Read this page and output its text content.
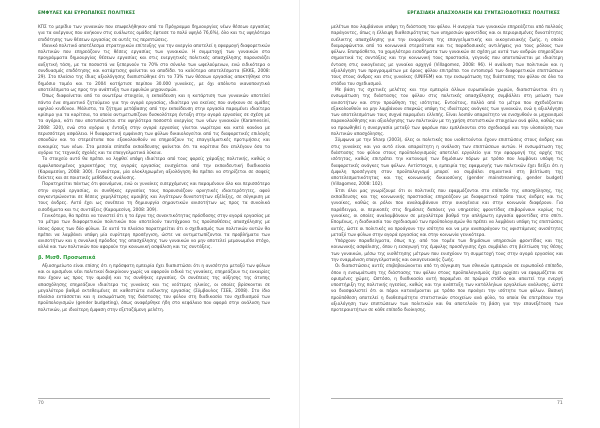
ΕΜΦΥΛΕΣ ΚΑΙ ΕΥΡΩΠΑΪΚΕΣ ΠΟΛΙΤΙΚΕΣ	ΕΡΓΑΣΙΑΚΗ ΑΠΑΣΧΟΛΗΣΗ ΚΑΙ ΣΥΝΤΑΞΙΟΔΟΤΙΚΕΣ ΠΟΛΙΤΙΚΕΣ

ΚΠΣ το μερίδιο των γυναικών που επωφελήθηκαν από το Πρόγραμμα δημιουργίας νέων θέσεων εργασίας για τα ανέργους που ανήκουν στις ευάλωτες ομάδες έφτασε το πολύ υψηλό 76,6%), όλο και τις υψηλότερα επιδότησης των θέσεων εργασίας σε αυτές τις περιπτώσεις.

Ιδανικό πολιτικό αποτέλεσμα στρατηγικών επίτευξης για την ανεργία αποτελεί η εφαρμογή διαφορετικών πολιτικών που επηρεάζουν τις θέσεις εργασίας των γυναικών. Η συμμετοχή των γυναικών στα προγράμματα δημιουργίας θέσεων εργασίας και στις ενεργητικές πολιτικές απασχόλησης παρουσιάζει αυξητική τάση, με τα ποσοστά να ξεπερνούν το 70% στο σύνολο των ωφελούμενων, ενώ ειδικότερα ο συνδυασμός επιδότησης και κατάρτισης φαίνεται να αποδίδει τα καλύτερα αποτελέσματα (ΕΚΚΕ, 2008: 29). Στο πλαίσιο της ίδιας αξιολόγησης διαπιστώθηκε ότι το 73% των θέσεων εργασίας αποκτήθηκε στο δημόσιο τομέα και το 2004 κατήρτισε περίπου 30.000 γυναίκες, με όχι απόλυτα ικανοποιητικά αποτελέσματα ως προς την ανάπτυξη των εμφυλών μηχανισμών.

Όπως διαφαίνεται από τα ανωτέρω στοιχεία, η εκπαίδευση και η κατάρτιση των γυναικών αποτελεί πάντα ένα σημαντικό ζητούμενο για την αγορά εργασίας, ιδιαίτερα για εκείνες που ανήκουν σε ομάδες υψηλού κινδύνου. Μάλιστα, το ζήτημα μετάβασης από την εκπαίδευση στην εργασία παραμένει ιδιαίτερα κρίσιμο για τα κορίτσια, τα οποία αντιμετωπίζουν δυσκολότερη ένταξη στην αγορά εργασίας σε σχέση με τα αγόρια, κάτι που αποτυπώνεται στα υψηλότερα ποσοστά ανεργίας των νέων γυναικών (Karamessini, 2008: 320), ενώ στα αγόρια η ένταξη στην αγορά εργασίας γίνεται νωρίτερα και κατά κανόνα με περισσότερη ασφάλεια. Η διαφορετική εμφάνιση των φύλων δικαιολογείται από τις διαφορετικές επιλογές σπουδών και τα στερεότυπα που εξακολουθούν να επηρεάζουν τις επαγγελματικές προτιμήσεις και ευκαιρίες των νέων. Στα μεσαία επίπεδα εκπαίδευσης φαίνεται ότι τα κορίτσια δεν επιλέγουν όσο τα αγόρια τις τεχνικές σχολές και τα επαγγελματικά λύκεια.

Το στοιχείο αυτό θα πρέπει να ληφθεί υπόψη ιδιαίτερα από τους φορείς χάραξης πολιτικής, καθώς ο εμφυλοποιημένος χαρακτήρας της αγοράς εργασίας ενισχύεται από την εκπαιδευτική διαδικασία (Καραμεσίνη, 2008: 300). Γενικότερα, μία ολοκληρωμένη αξιολόγηση θα πρέπει να στηρίζεται σε σαφείς δείκτες και σε ποιοτικές μεθόδους ανάλυσης.

Παρατηρείται πάντως ότι φαινόμενα, ενώ οι γυναίκες εισερχόμενες και παραμένουν όλο και περισσότερο στην αγορά εργασίας, οι συνθήκες εργασίας τους παρουσιάζουν αρνητικές ιδιαιτερότητες, αφού συγκεντρώνονται σε θέσεις χαμηλότερης αμοιβής και λιγότερων δυνατοτήτων εξέλιξης, σε σύγκριση με τους άνδρες. Αυτό έχει ως συνέπεια τη δημιουργία σημαντικών ανισοτήτων ως προς τα συνολικά εισοδήματα και τις συντάξεις (Καραμεσίνη, 2008: 309).

Γενικότερα, θα πρέπει να τονιστεί ότι η τα έργα της συνεκτικότητας πρόσδοσης στην αγορά εργασίας με τα μέτρα των διαφορετικών πολιτικών που αποτελούν ταυτόχρονα τις προϋποθέσεις απασχόλησης με ίσους όρους των δύο φύλων. Σε αυτό το πλαίσιο παρατηρείται ότι ο σχεδιασμός των πολιτικών αυτών θα πρέπει να λαμβάνει υπόψη μία ευρύτερη προσέγγιση, ώστε να αντιμετωπίζονται τα προβλήματα των ανισοτήτων και η συνολική πρόοδος της απασχόλησης των γυναικών να μην αποτελεί μεμονωμένο στόχο, αλλά και των πολιτικών που αφορούν την κοινωνική ασφάλιση και τις συντάξεις.

β. Μισθ. Προσωπικά

Αξιοσημείωτο είναι επίσης ότι η πρόσφατη εμπειρία έχει διαπιστώσει ότι η ανισότητα μεταξύ των φύλων και οι ορισμένοι νέοι πολιτικοί διακρίνουν χωρίς να αφορούν ειδικά τις γυναίκες, επηρεάζουν τις ευκαιρίες που έχουν ως προς την αμοιβή και τις συνθήκες εργασίας. Οι συνέπειες της αύξησης της άτυπης απασχόλησης επηρεάζουν ιδιαίτερα τις γυναίκες και τις νεότερες ηλικίες, οι οποίες βρίσκονται σε μεγαλύτερο βαθμό εκτεθειμένες σε καθεστώτα ευέλικτης εργασίας (Σύμβουλος ΓΣΕΕ, 2008). Στο ίδιο πλαίσιο εντάσσεται και η ενσωμάτωση της διάστασης του φύλου στη διαδικασία του σχεδιασμού των προϋπολογισμών (gender budgeting), όπως αναφέρθηκε ήδη στο κεφάλαιο που αφορά στην ανάλυση των πολιτικών, με ιδιαίτερη έμφαση στην εξεταζόμενη μελέτη.

μελέτων που λαμβάνουν υπόψη τη διάσταση του φύλου. Η ανεργία των γυναικών επηρεάζεται από πολλούς παράγοντες, όπως η έλλειψη διαθεσιμότητας των υπηρεσιών φροντίδας και οι περιορισμένες δυνατότητες ευέλικτης απασχόλησης για την εναρμόνιση της επαγγελματικής και οικογενειακής ζωής, η οποία διαμορφώνεται από τα κοινωνικά στερεότυπα και τις παραδοσιακές αντιλήψεις για τους ρόλους των φύλων. Επιπρόσθετα, τα χαμηλότερα εισοδήματα των γυναικών σε σχέση με αυτά των ανδρών επηρεάζουν σημαντικά τις συντάξεις και την κοινωνική τους προστασία, γεγονός που αποτυπώνεται με ιδιαίτερη ένταση στις οικογένειες με γυναίκα αρχηγό (Villagomez, 2008: 96). Η ανάλυση των πολιτικών και η αξιολόγηση των προγραμμάτων με όρους φύλου επιτρέπει τον εντοπισμό των διαφορετικών επιπτώσεων τους στους άνδρες και στις γυναίκες (UNIFEM) και την ενσωμάτωση της διάστασης του φύλου σε όλα τα στάδια του σχεδιασμού.

Με βάση τις σχετικές μελέτες και την εμπειρία άλλων ευρωπαϊκών χωρών, διαπιστώνεται ότι η ενσωμάτωση της διάστασης του φύλου στις πολιτικές απασχόλησης συμβάλλει στη μείωση των ανισοτήτων και στην προώθηση της ισότητας. Εντούτοις, πολλά από τα μέτρα που σχεδιάζονται εξακολουθούν να μην λαμβάνουν επαρκώς υπόψη τις ιδιαίτερες ανάγκες των γυναικών, ενώ η αξιολόγηση των αποτελεσμάτων τους συχνά παραμένει ελλιπής. Είναι λοιπόν απαραίτητο να ενισχυθούν οι μηχανισμοί παρακολούθησης και αξιολόγησης των πολιτικών με τη χρήση στατιστικών στοιχείων ανά φύλο, καθώς και να προωθηθεί η συνεργασία μεταξύ των φορέων που εμπλέκονται στο σχεδιασμό και την υλοποίηση των πολιτικών απασχόλησης.

Σύμφωνα με την Sharp (2003), όλες οι πολιτικές που υιοθετούνται έχουν επιπτώσεις στους άνδρες και στις γυναίκες και για αυτό είναι απαραίτητη η ανάλυση των επιπτώσεων αυτών. Η ενσωμάτωση της διάστασης του φύλου στους προϋπολογισμούς αποτελεί εργαλείο για την εφαρμογή της αρχής της ισότητας, καθώς επιτρέπει την κατανομή των δημόσιων πόρων με τρόπο που λαμβάνει υπόψη τις διαφορετικές ανάγκες των φύλων. Αντίστοιχα, η εμπειρία της εφαρμογής των πολιτικών έχει δείξει ότι η έμφυλη προσέγγιση στον προϋπολογισμό μπορεί να συμβάλει σημαντικά στη βελτίωση της αποτελεσματικότητας και της κοινωνικής δικαιοσύνης (gender mainstreaming, gender budget) (Villagomez, 2008: 102).

Έτσι όλοι μας γνωρίζουμε ότι οι πολιτικές που εφαρμόζονται στο επίπεδο της απασχόλησης, της εκπαίδευσης και της κοινωνικής προστασίας επηρεάζουν με διαφορετικό τρόπο τους άνδρες και τις γυναίκες, καθώς οι ρόλοι που αναλαμβάνουν στην οικογένεια και στην κοινωνία διαφέρουν. Για παράδειγμα, οι περικοπές στις δημόσιες δαπάνες για υπηρεσίες φροντίδας επιβαρύνουν κυρίως τις γυναίκες, οι οποίες αναλαμβάνουν σε μεγαλύτερο βαθμό την απλήρωτη εργασία φροντίδας στο σπίτι. Επομένως, η διαδικασία του σχεδιασμού των προϋπολογισμών θα πρέπει να λαμβάνει υπόψη τις επιπτώσεις αυτές, ώστε οι πολιτικές να προάγουν την ισότητα και να μην αναπαράγουν τις υφιστάμενες ανισότητες μεταξύ των φύλων στην αγορά εργασίας και στην κοινωνία γενικότερα.

Υπάρχουν παραδείγματα, όπως π.χ. από τον τομέα των δημόσιων υπηρεσιών φροντίδας και της κοινωνικής ασφάλισης, όπου η εισαγωγή της έμφυλης προσέγγισης έχει συμβάλει στη βελτίωση της θέσης των γυναικών, μέσω της υιοθέτησης μέτρων που ενισχύουν τη συμμετοχή τους στην αγορά εργασίας και την εναρμόνιση επαγγελματικής και οικογενειακής ζωής.

Οι διαπιστώσεις αυτές επιβεβαιώνονται από τη σύγκριση των εθνικών εμπειριών σε ευρωπαϊκό επίπεδο, όπου η ενσωμάτωση της διάστασης του φύλου στους προϋπολογισμούς έχει αρχίσει να εφαρμόζεται σε ορισμένες χώρες. Ωστόσο, η διαδικασία αυτή παραμένει σε πρώιμο στάδιο και απαιτεί την ενεργή υποστήριξη της πολιτικής ηγεσίας, καθώς και την ανάπτυξη των κατάλληλων εργαλείων ανάλυσης, ώστε να διασφαλιστεί ότι οι πόροι κατανέμονται με τρόπο που προάγει την ισότητα των φύλων. Βασική προϋπόθεση αποτελεί η διαθεσιμότητα στατιστικών στοιχείων ανά φύλο, τα οποία θα επιτρέπουν την αξιολόγηση των επιπτώσεων των πολιτικών και θα αποτελούν τη βάση για την επανεξέταση των προτεραιοτήτων σε κάθε επίπεδο διοίκησης.

70	71
